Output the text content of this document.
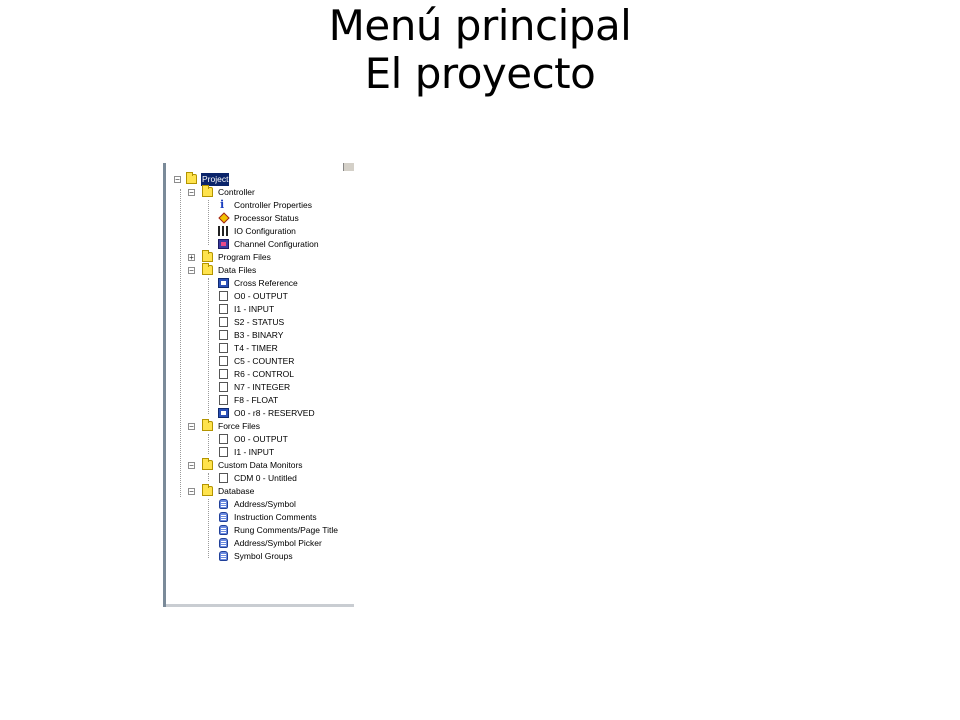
Menú principal
El proyecto
−	Project
−	Controller
i
Controller Properties
Processor Status
IO Configuration
Channel Configuration
+	Program Files
−	Data Files
Cross Reference
O0 - OUTPUT
I1 - INPUT
S2 - STATUS
B3 - BINARY
T4 - TIMER
C5 - COUNTER
R6 - CONTROL
N7 - INTEGER
F8 - FLOAT
O0 - r8 - RESERVED
−	Force Files
O0 - OUTPUT
I1 - INPUT
−	Custom Data Monitors
CDM 0 - Untitled
−	Database
Address/Symbol
Instruction Comments
Rung Comments/Page Title
Address/Symbol Picker
Symbol Groups
